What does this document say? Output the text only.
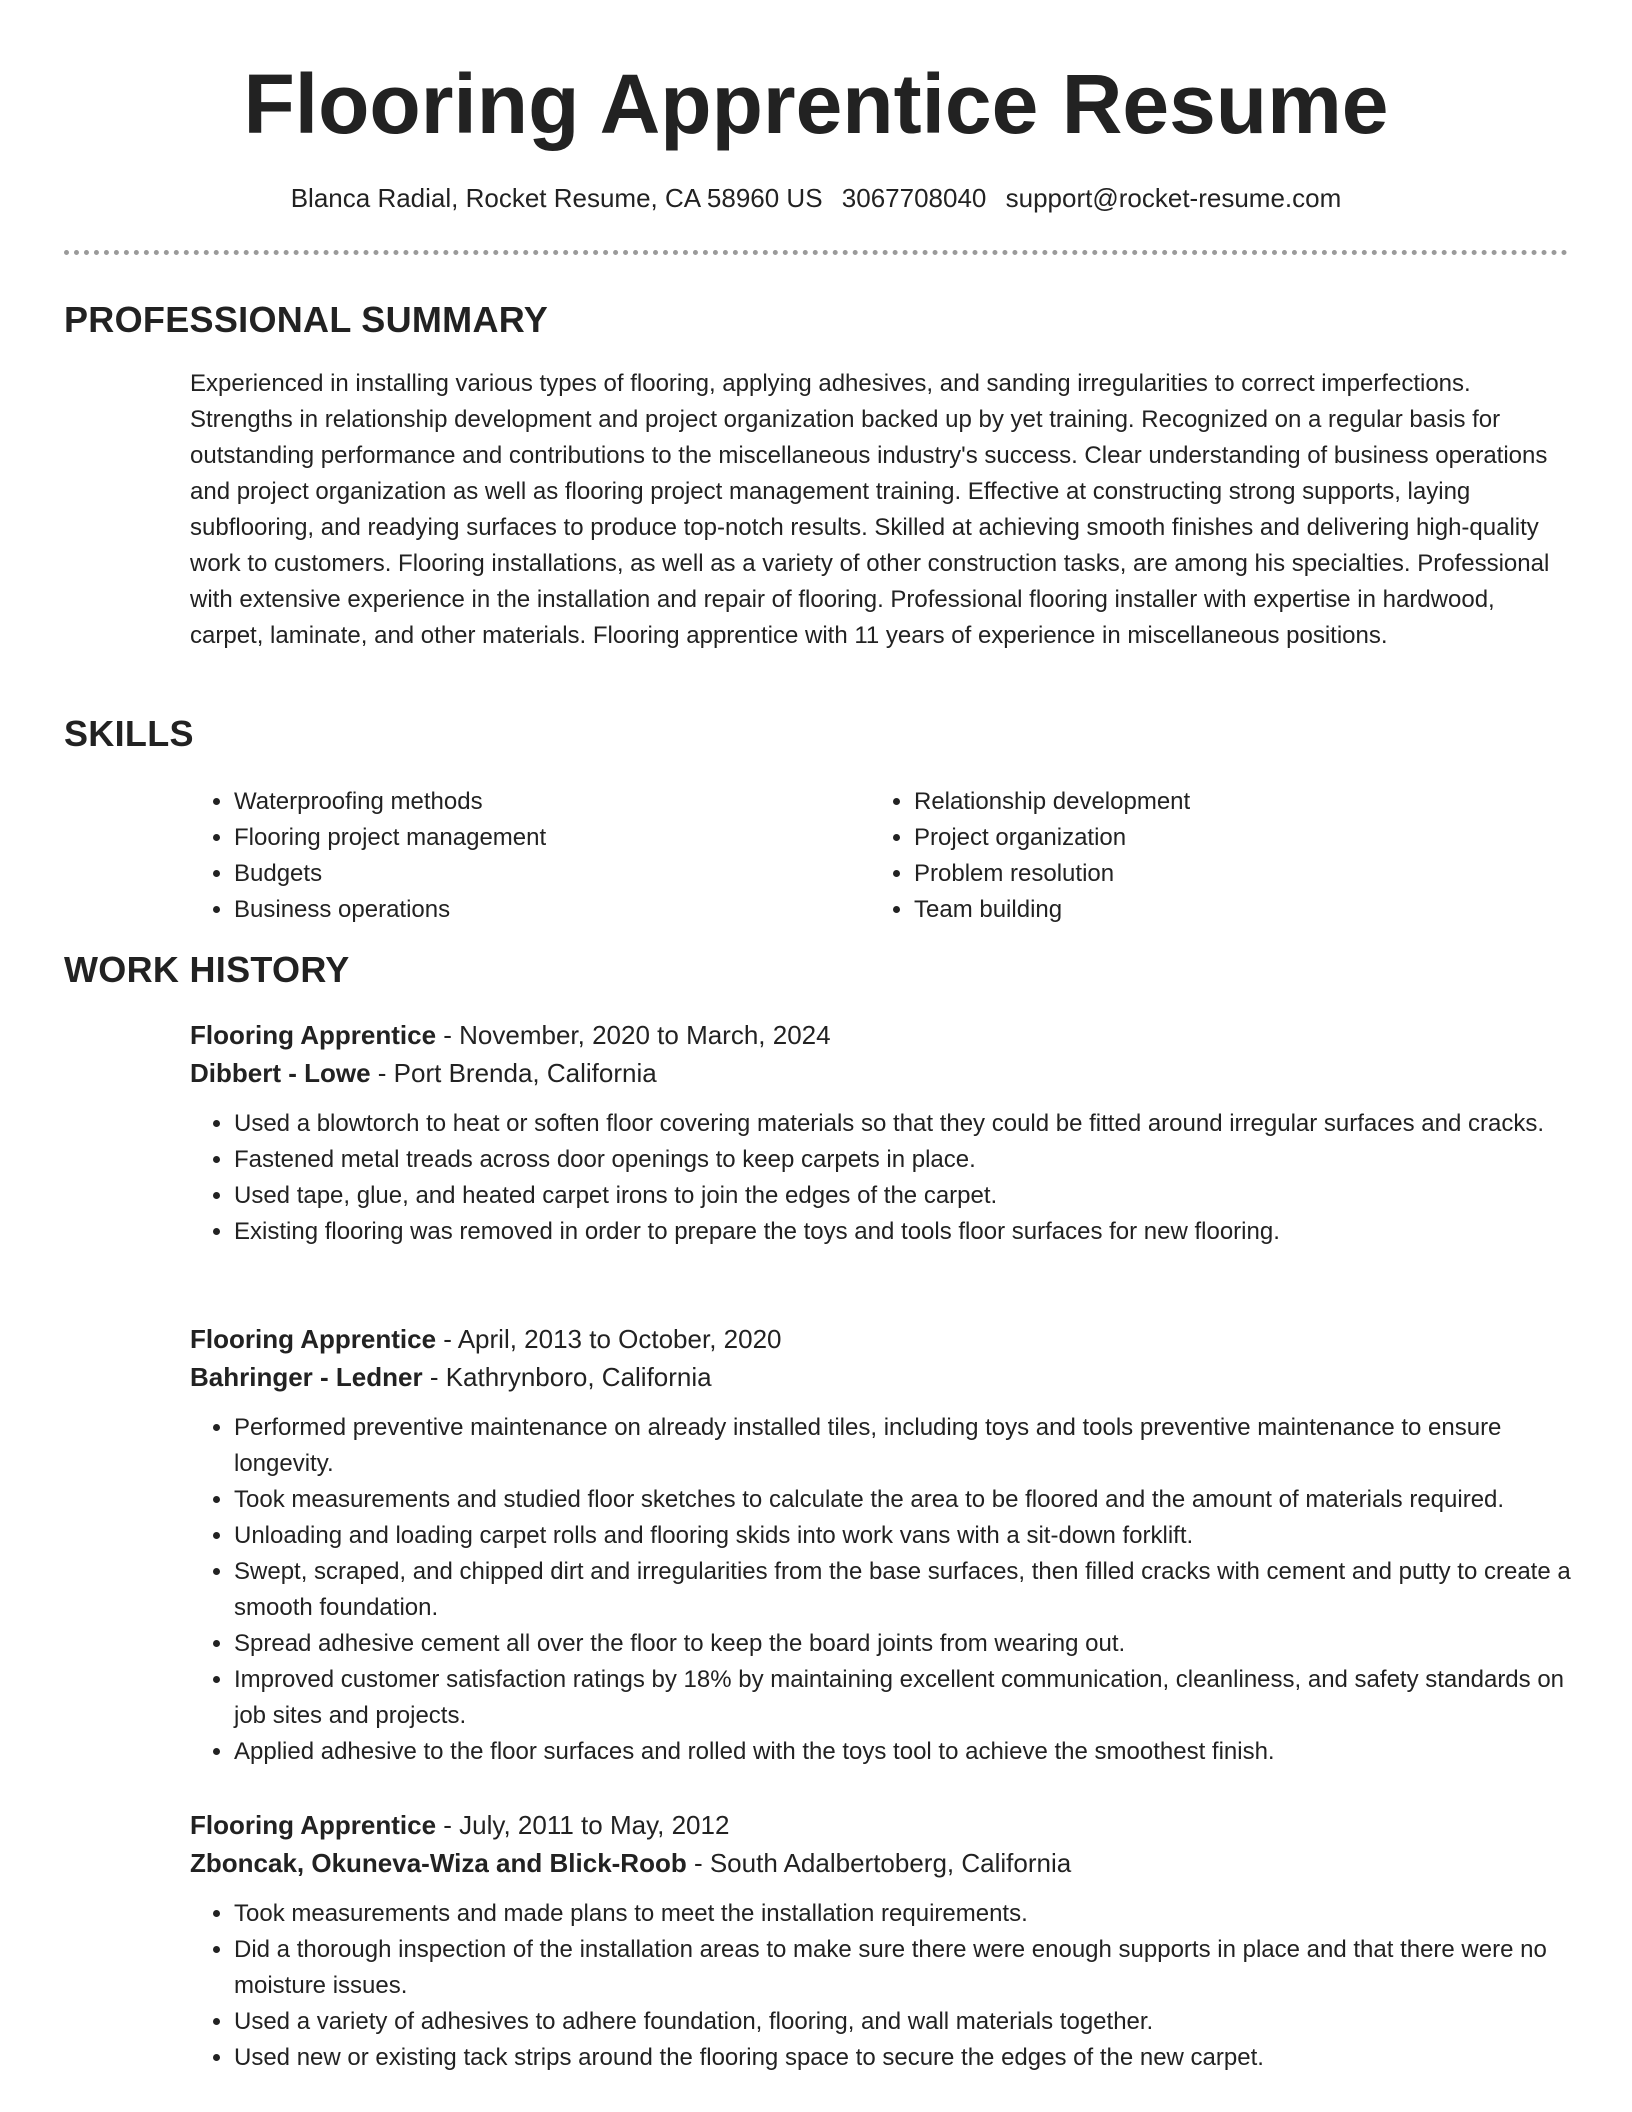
Flooring Apprentice Resume
Blanca Radial, Rocket Resume, CA 58960 US 3067708040 support@rocket-resume.com
PROFESSIONAL SUMMARY

Experienced in installing various types of flooring, applying adhesives, and sanding irregularities to correct imperfections. Strengths in relationship development and project organization backed up by yet training. Recognized on a regular basis for outstanding performance and contributions to the miscellaneous industry's success. Clear understanding of business operations and project organization as well as flooring project management training. Effective at constructing strong supports, laying subflooring, and readying surfaces to produce top-notch results. Skilled at achieving smooth finishes and delivering high-quality work to customers. Flooring installations, as well as a variety of other construction tasks, are among his specialties. Professional with extensive experience in the installation and repair of flooring. Professional flooring installer with expertise in hardwood, carpet, laminate, and other materials. Flooring apprentice with 11 years of experience in miscellaneous positions.

SKILLS
• Waterproofing methods
• Flooring project management
• Budgets
• Business operations
• Relationship development
• Project organization
• Problem resolution
• Team building
WORK HISTORY
Flooring Apprentice - November, 2020 to March, 2024
Dibbert - Lowe - Port Brenda, California
• Used a blowtorch to heat or soften floor covering materials so that they could be fitted around irregular surfaces and cracks.
• Fastened metal treads across door openings to keep carpets in place.
• Used tape, glue, and heated carpet irons to join the edges of the carpet.
• Existing flooring was removed in order to prepare the toys and tools floor surfaces for new flooring.
Flooring Apprentice - April, 2013 to October, 2020
Bahringer - Ledner - Kathrynboro, California
• Performed preventive maintenance on already installed tiles, including toys and tools preventive maintenance to ensure longevity.
• Took measurements and studied floor sketches to calculate the area to be floored and the amount of materials required.
• Unloading and loading carpet rolls and flooring skids into work vans with a sit-down forklift.
• Swept, scraped, and chipped dirt and irregularities from the base surfaces, then filled cracks with cement and putty to create a smooth foundation.
• Spread adhesive cement all over the floor to keep the board joints from wearing out.
• Improved customer satisfaction ratings by 18% by maintaining excellent communication, cleanliness, and safety standards on job sites and projects.
• Applied adhesive to the floor surfaces and rolled with the toys tool to achieve the smoothest finish.
Flooring Apprentice - July, 2011 to May, 2012
Zboncak, Okuneva-Wiza and Blick-Roob - South Adalbertoberg, California
• Took measurements and made plans to meet the installation requirements.
• Did a thorough inspection of the installation areas to make sure there were enough supports in place and that there were no moisture issues.
• Used a variety of adhesives to adhere foundation, flooring, and wall materials together.
• Used new or existing tack strips around the flooring space to secure the edges of the new carpet.
